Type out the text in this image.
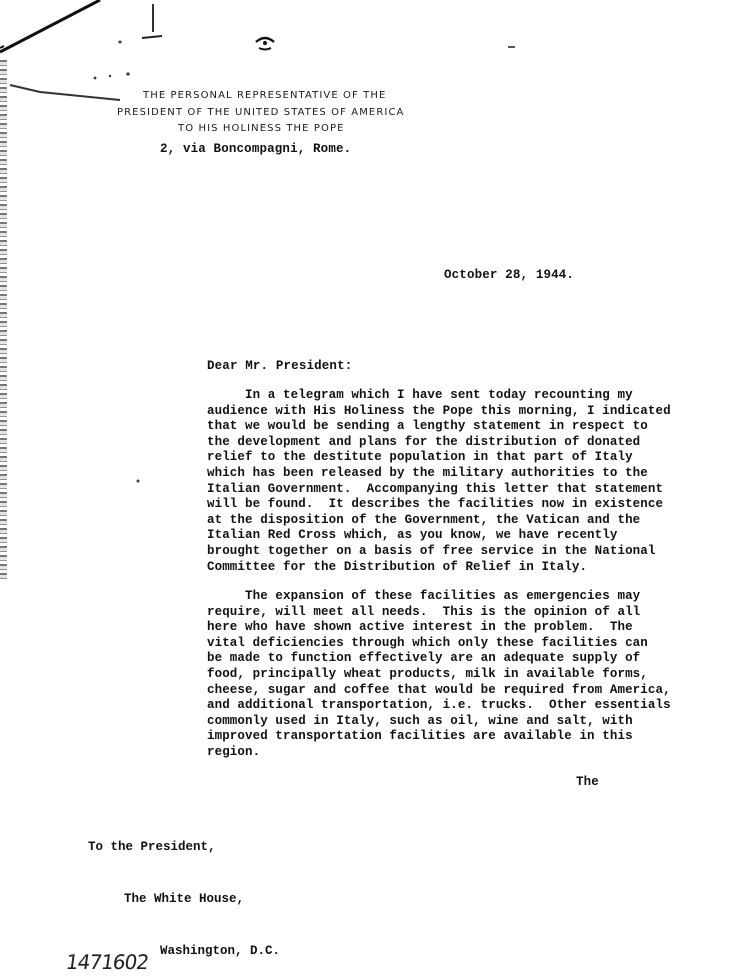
THE PERSONAL REPRESENTATIVE OF THE
PRESIDENT OF THE UNITED STATES OF AMERICA
TO HIS HOLINESS THE POPE
2, via Boncompagni, Rome.
October 28, 1944.
Dear Mr. President:
In a telegram which I have sent today recounting my
audience with His Holiness the Pope this morning, I indicated
that we would be sending a lengthy statement in respect to
the development and plans for the distribution of donated
relief to the destitute population in that part of Italy
which has been released by the military authorities to the
Italian Government.  Accompanying this letter that statement
will be found.  It describes the facilities now in existence
at the disposition of the Government, the Vatican and the
Italian Red Cross which, as you know, we have recently
brought together on a basis of free service in the National
Committee for the Distribution of Relief in Italy.
The expansion of these facilities as emergencies may
require, will meet all needs.  This is the opinion of all
here who have shown active interest in the problem.  The
vital deficiencies through which only these facilities can
be made to function effectively are an adequate supply of
food, principally wheat products, milk in available forms,
cheese, sugar and coffee that would be required from America,
and additional transportation, i.e. trucks.  Other essentials
commonly used in Italy, such as oil, wine and salt, with
improved transportation facilities are available in this
region.
The

To the President,

The White House,

Washington, D.C.

1471602
